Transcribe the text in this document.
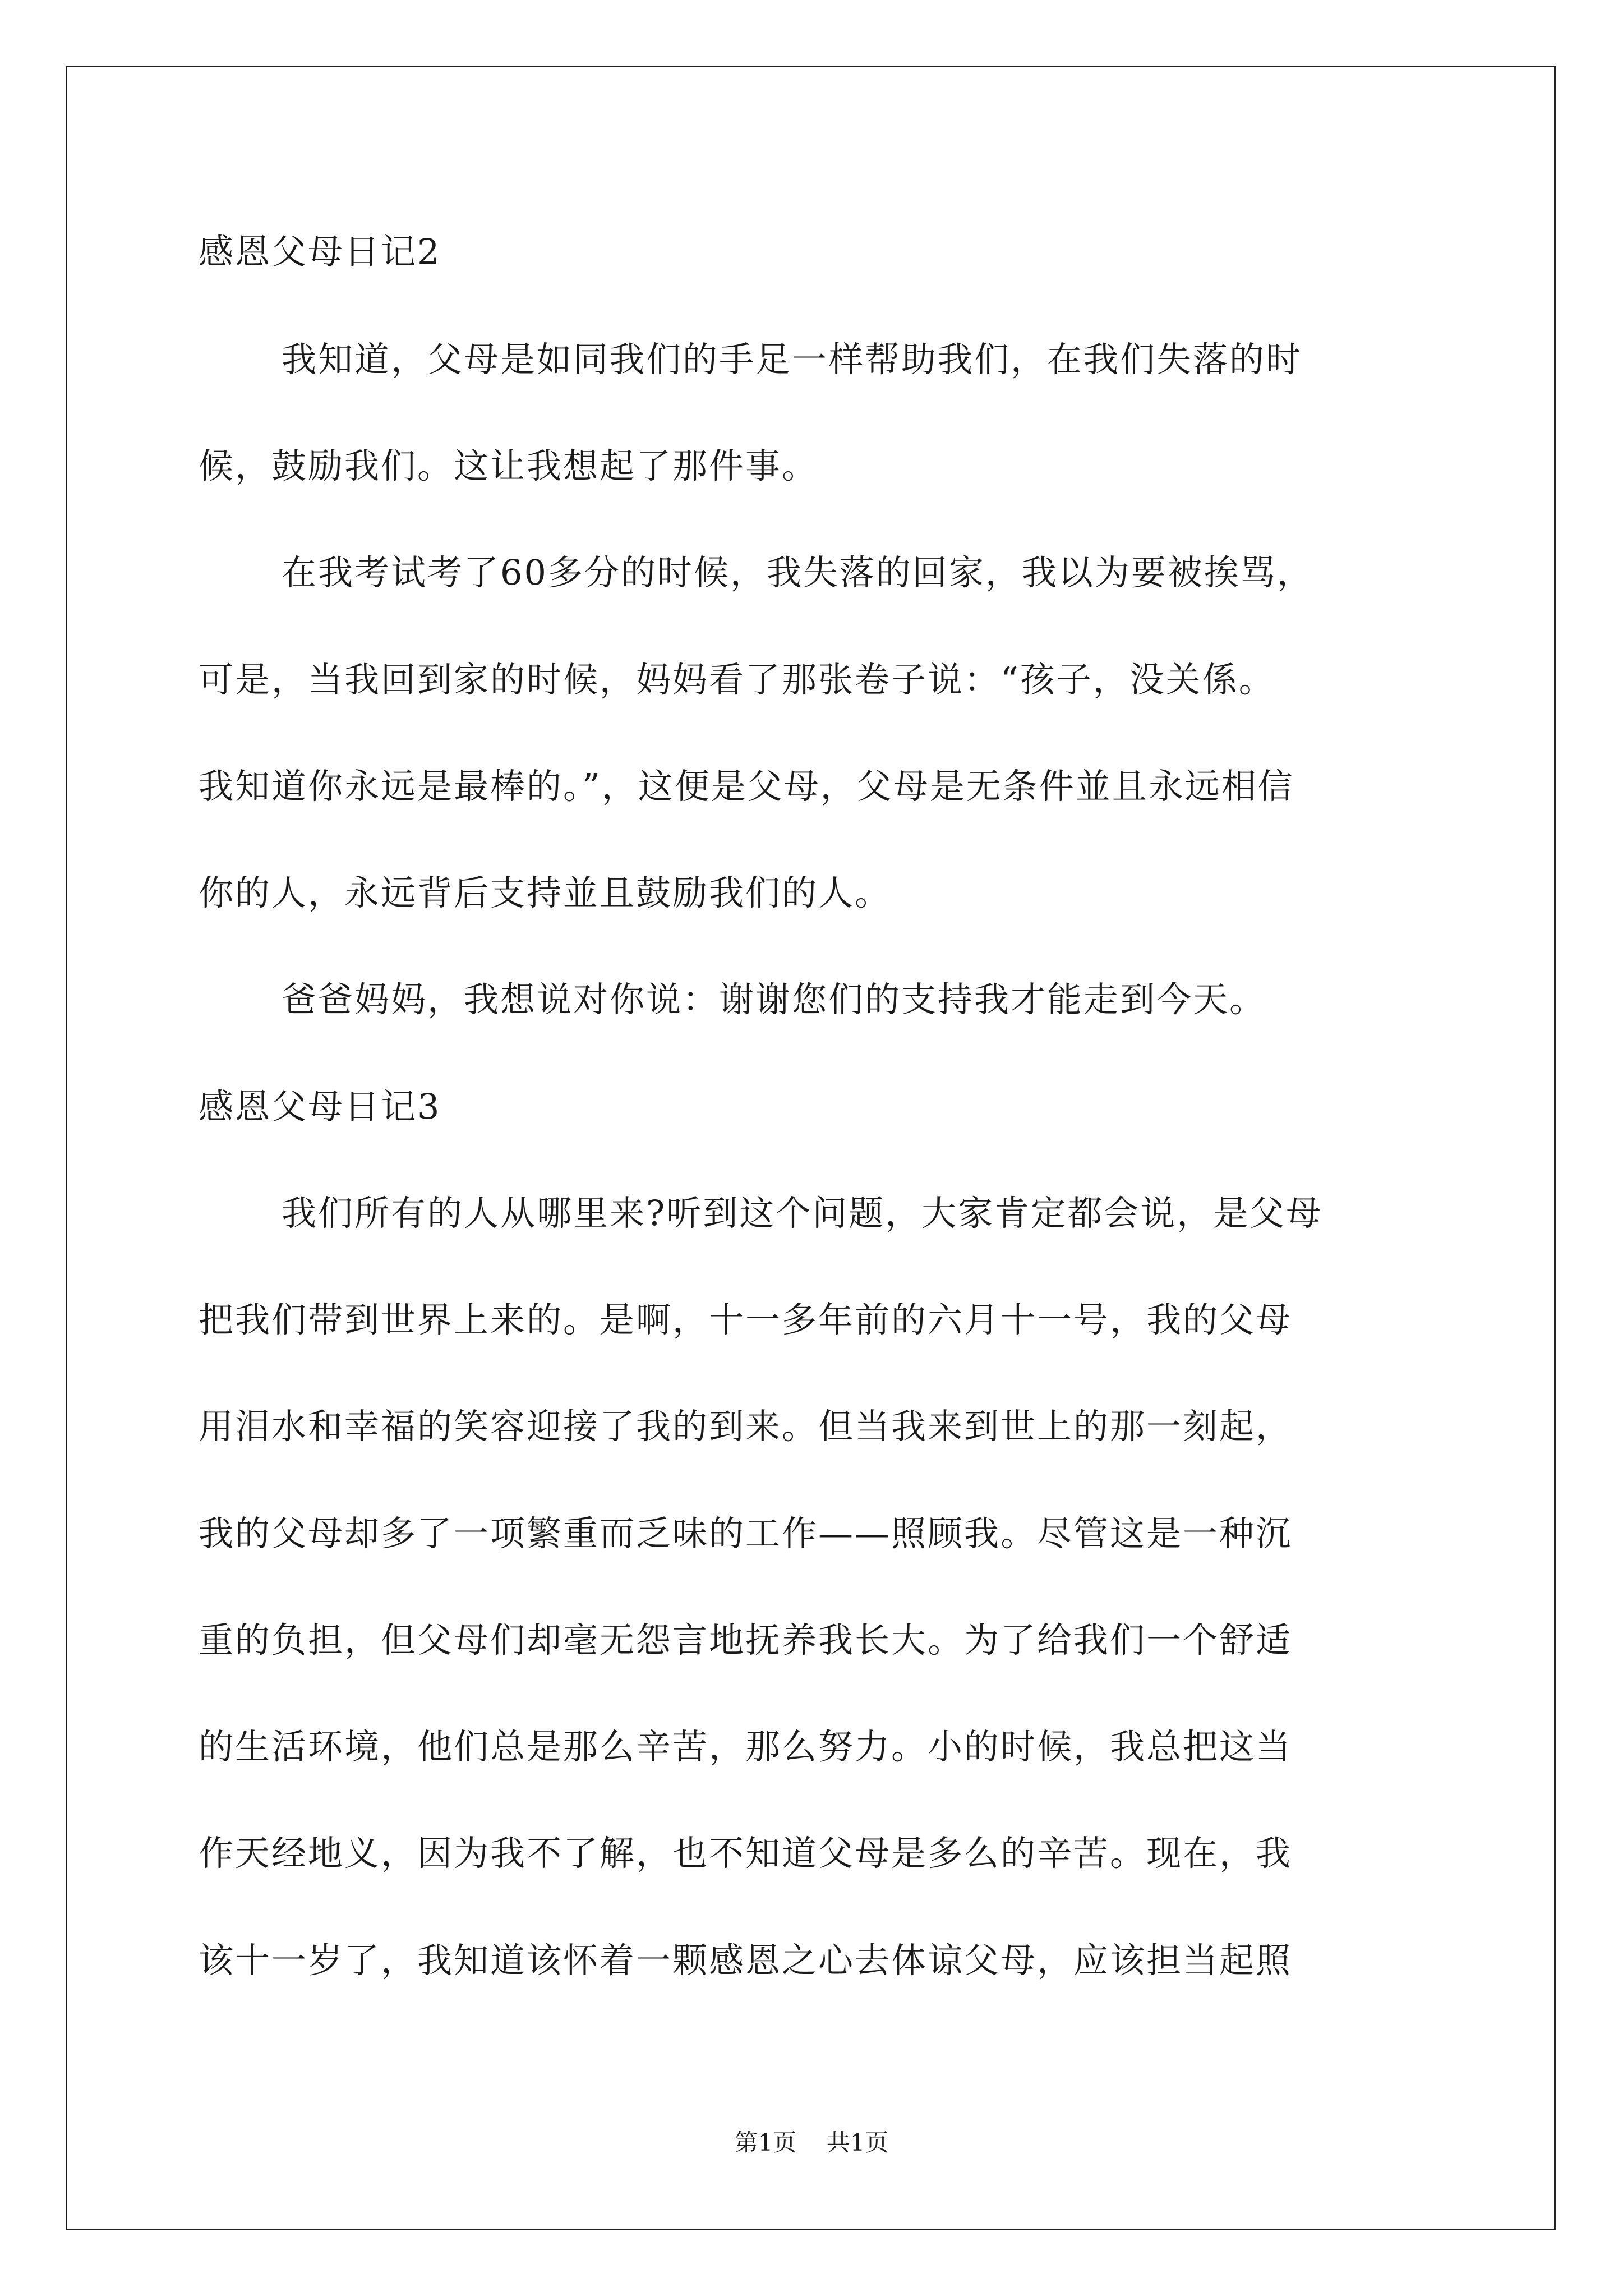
感恩父母日记2
我知道，父母是如同我们的手足一样帮助我们，在我们失落的时
候，鼓励我们。这让我想起了那件事。
在我考试考了60多分的时候，我失落的回家，我以为要被挨骂，
可是，当我回到家的时候，妈妈看了那张卷子说：“孩子，没关係。
我知道你永远是最棒的。”，这便是父母，父母是无条件並且永远相信
你的人，永远背后支持並且鼓励我们的人。
爸爸妈妈，我想说对你说：谢谢您们的支持我才能走到今天。
感恩父母日记3
我们所有的人从哪里来?听到这个问题，大家肯定都会说，是父母
把我们带到世界上来的。是啊，十一多年前的六月十一号，我的父母
用泪水和幸福的笑容迎接了我的到来。但当我来到世上的那一刻起，
我的父母却多了一项繁重而乏味的工作——照顾我。尽管这是一种沉
重的负担，但父母们却毫无怨言地抚养我长大。为了给我们一个舒适
的生活环境，他们总是那么辛苦，那么努力。小的时候，我总把这当
作天经地义，因为我不了解，也不知道父母是多么的辛苦。现在，我
该十一岁了，我知道该怀着一颗感恩之心去体谅父母，应该担当起照
第1页 共1页
